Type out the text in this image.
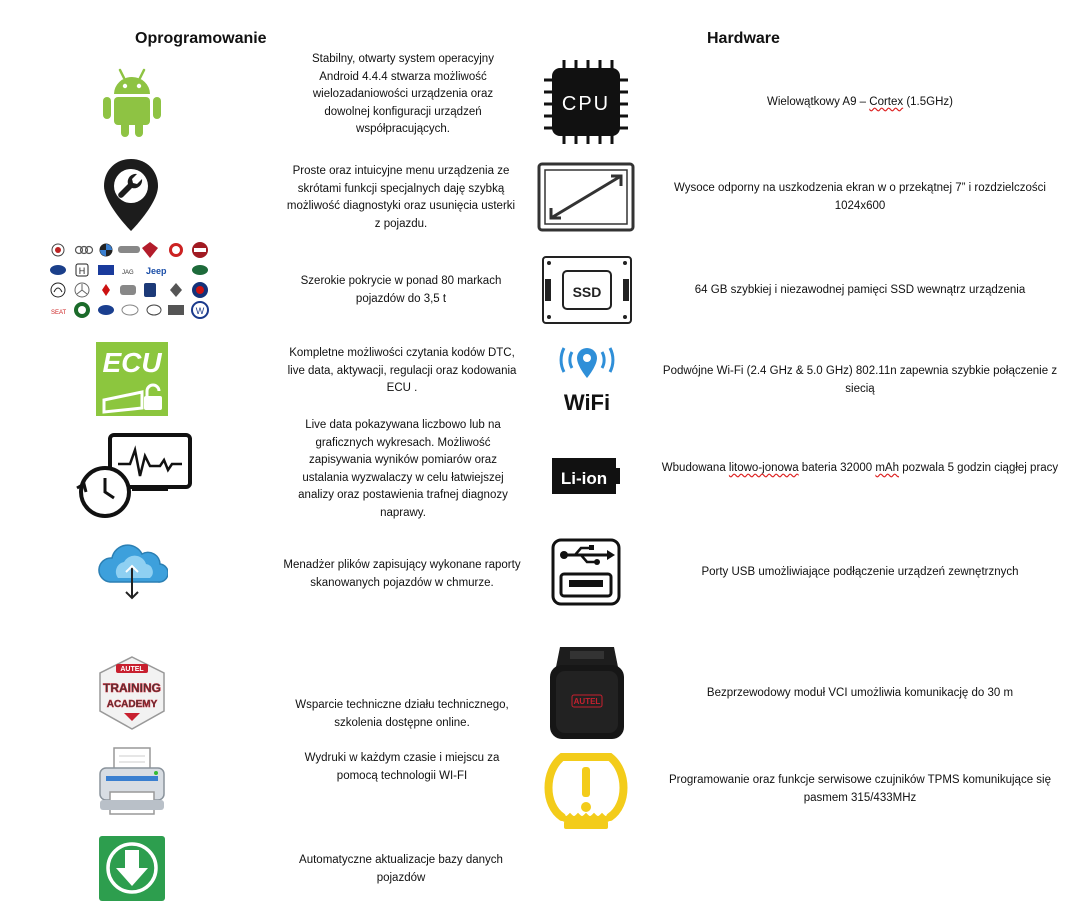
Oprogramowanie	Hardware
Stabilny, otwarty system operacyjny Android 4.4.4 stwarza możliwość wielozadaniowości urządzenia oraz dowolnej konfiguracji urządzeń współpracujących.
Proste oraz intuicyjne menu urządzenia ze skrótami funkcji specjalnych daję szybką możliwość diagnostyki oraz usunięcia usterki z pojazdu.
H	JAG Jeep
SEAT	W
Szerokie pokrycie w ponad 80 markach pojazdów do 3,5 t
ECU	Kompletne możliwości czytania kodów DTC, live data, aktywacji, regulacji oraz kodowania ECU .
Live data pokazywana liczbowo lub na graficznych wykresach. Możliwość zapisywania wyników pomiarów oraz ustalania wyzwalaczy w celu łatwiejszej analizy oraz postawienia trafnej diagnozy naprawy.
Menadżer plików zapisujący wykonane raporty skanowanych pojazdów w chmurze.
AUTEL
TRAINING
ACADEMY	Wsparcie techniczne działu technicznego, szkolenia dostępne online.
Wydruki w każdym czasie i miejscu za pomocą technologii WI-FI
Automatyczne aktualizacje bazy danych pojazdów
CPU	Wielowątkowy A9 – Cortex (1.5GHz)
Wysoce odporny na uszkodzenia ekran w o przekątnej 7” i rozdzielczości 1024x600
SSD	64 GB szybkiej i niezawodnej pamięci SSD wewnątrz urządzenia
WiFi
Podwójne Wi-Fi (2.4 GHz & 5.0 GHz) 802.11n zapewnia szybkie połączenie z siecią
Li-ion
Wbudowana litowo-jonowa bateria 32000 mAh pozwala 5 godzin ciągłej pracy
Porty USB umożliwiające podłączenie urządzeń zewnętrznych
AUTEL
Bezprzewodowy moduł VCI umożliwia komunikację do 30 m
Programowanie oraz funkcje serwisowe czujników TPMS komunikujące się pasmem 315/433MHz
